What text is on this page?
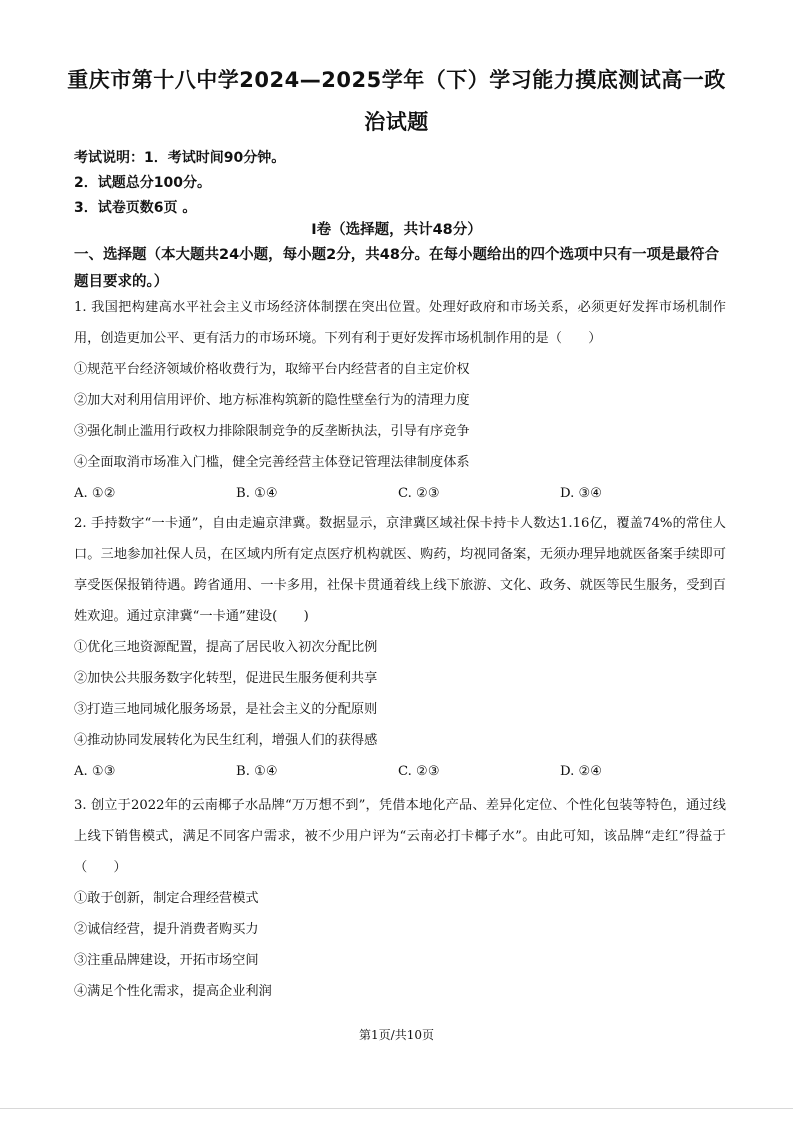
重庆市第十八中学2024—2025学年（下）学习能力摸底测试高一政
治试题
考试说明：1．考试时间90分钟。
2．试题总分100分。
3．试卷页数6页 。
Ⅰ卷（选择题，共计48分）
一、选择题（本大题共24小题，每小题2分，共48分。在每小题给出的四个选项中只有一项是最符合题目要求的。）
1. 我国把构建高水平社会主义市场经济体制摆在突出位置。处理好政府和市场关系，必须更好发挥市场机制作用，创造更加公平、更有活力的市场环境。下列有利于更好发挥市场机制作用的是（　　）
①规范平台经济领域价格收费行为，取缔平台内经营者的自主定价权
②加大对利用信用评价、地方标准构筑新的隐性壁垒行为的清理力度
③强化制止滥用行政权力排除限制竞争的反垄断执法，引导有序竞争
④全面取消市场准入门槛，健全完善经营主体登记管理法律制度体系
A. ①②	B. ①④	C. ②③	D. ③④
2. 手持数字“一卡通”，自由走遍京津冀。数据显示，京津冀区域社保卡持卡人数达1.16亿，覆盖74%的常住人口。三地参加社保人员，在区域内所有定点医疗机构就医、购药，均视同备案，无须办理异地就医备案手续即可享受医保报销待遇。跨省通用、一卡多用，社保卡贯通着线上线下旅游、文化、政务、就医等民生服务，受到百姓欢迎。通过京津冀“一卡通”建设(　　)
①优化三地资源配置，提高了居民收入初次分配比例
②加快公共服务数字化转型，促进民生服务便利共享
③打造三地同城化服务场景，是社会主义的分配原则
④推动协同发展转化为民生红利，增强人们的获得感
A. ①③	B. ①④	C. ②③	D. ②④
3. 创立于2022年的云南椰子水品牌“万万想不到”，凭借本地化产品、差异化定位、个性化包装等特色，通过线上线下销售模式，满足不同客户需求，被不少用户评为“云南必打卡椰子水”。由此可知，该品牌“走红”得益于（　　）
①敢于创新，制定合理经营模式
②诚信经营，提升消费者购买力
③注重品牌建设，开拓市场空间
④满足个性化需求，提高企业利润
第1页/共10页
